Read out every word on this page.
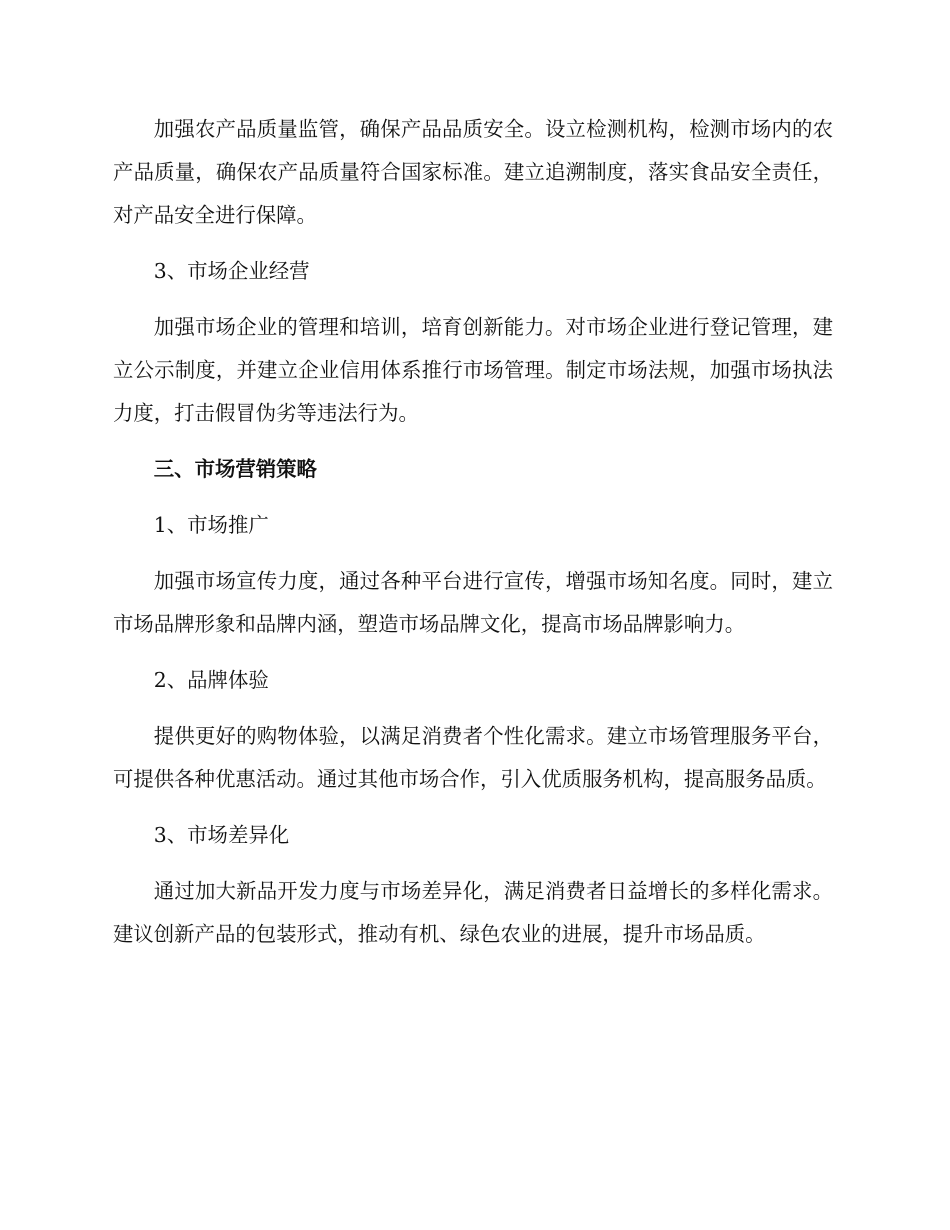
加强农产品质量监管，确保产品品质安全。设立检测机构，检测市场内的农产品质量，确保农产品质量符合国家标准。建立追溯制度，落实食品安全责任，对产品安全进行保障。

3、市场企业经营

加强市场企业的管理和培训，培育创新能力。对市场企业进行登记管理，建立公示制度，并建立企业信用体系推行市场管理。制定市场法规，加强市场执法力度，打击假冒伪劣等违法行为。

三、市场营销策略

1、市场推广

加强市场宣传力度，通过各种平台进行宣传，增强市场知名度。同时，建立市场品牌形象和品牌内涵，塑造市场品牌文化，提高市场品牌影响力。

2、品牌体验

提供更好的购物体验，以满足消费者个性化需求。建立市场管理服务平台，可提供各种优惠活动。通过其他市场合作，引入优质服务机构，提高服务品质。

3、市场差异化

通过加大新品开发力度与市场差异化，满足消费者日益增长的多样化需求。建议创新产品的包装形式，推动有机、绿色农业的进展，提升市场品质。
